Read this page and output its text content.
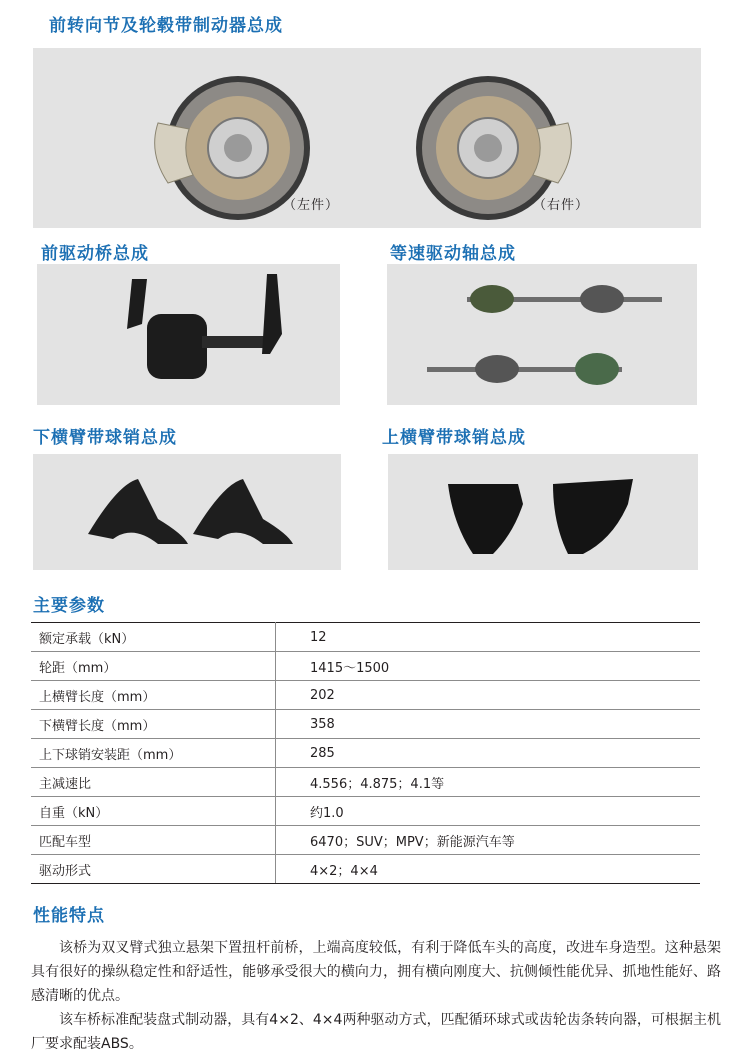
前转向节及轮毂带制动器总成
（左件）	（右件）
前驱动桥总成	等速驱动轴总成
下横臂带球销总成	上横臂带球销总成
主要参数
额定承载（kN）	12
轮距（mm）	1415～1500
上横臂长度（mm）	202
下横臂长度（mm）	358
上下球销安装距（mm）	285
主减速比	4.556；4.875；4.1等
自重（kN）	约1.0
匹配车型	6470；SUV；MPV；新能源汽车等
驱动形式	4×2；4×4
性能特点
该桥为双叉臂式独立悬架下置扭杆前桥，上端高度较低，有利于降低车头的高度，改进车身造型。这种悬架具有很好的操纵稳定性和舒适性，能够承受很大的横向力，拥有横向刚度大、抗侧倾性能优异、抓地性能好、路感清晰的优点。
该车桥标准配装盘式制动器，具有4×2、4×4两种驱动方式，匹配循环球式或齿轮齿条转向器，可根据主机厂要求配装ABS。
